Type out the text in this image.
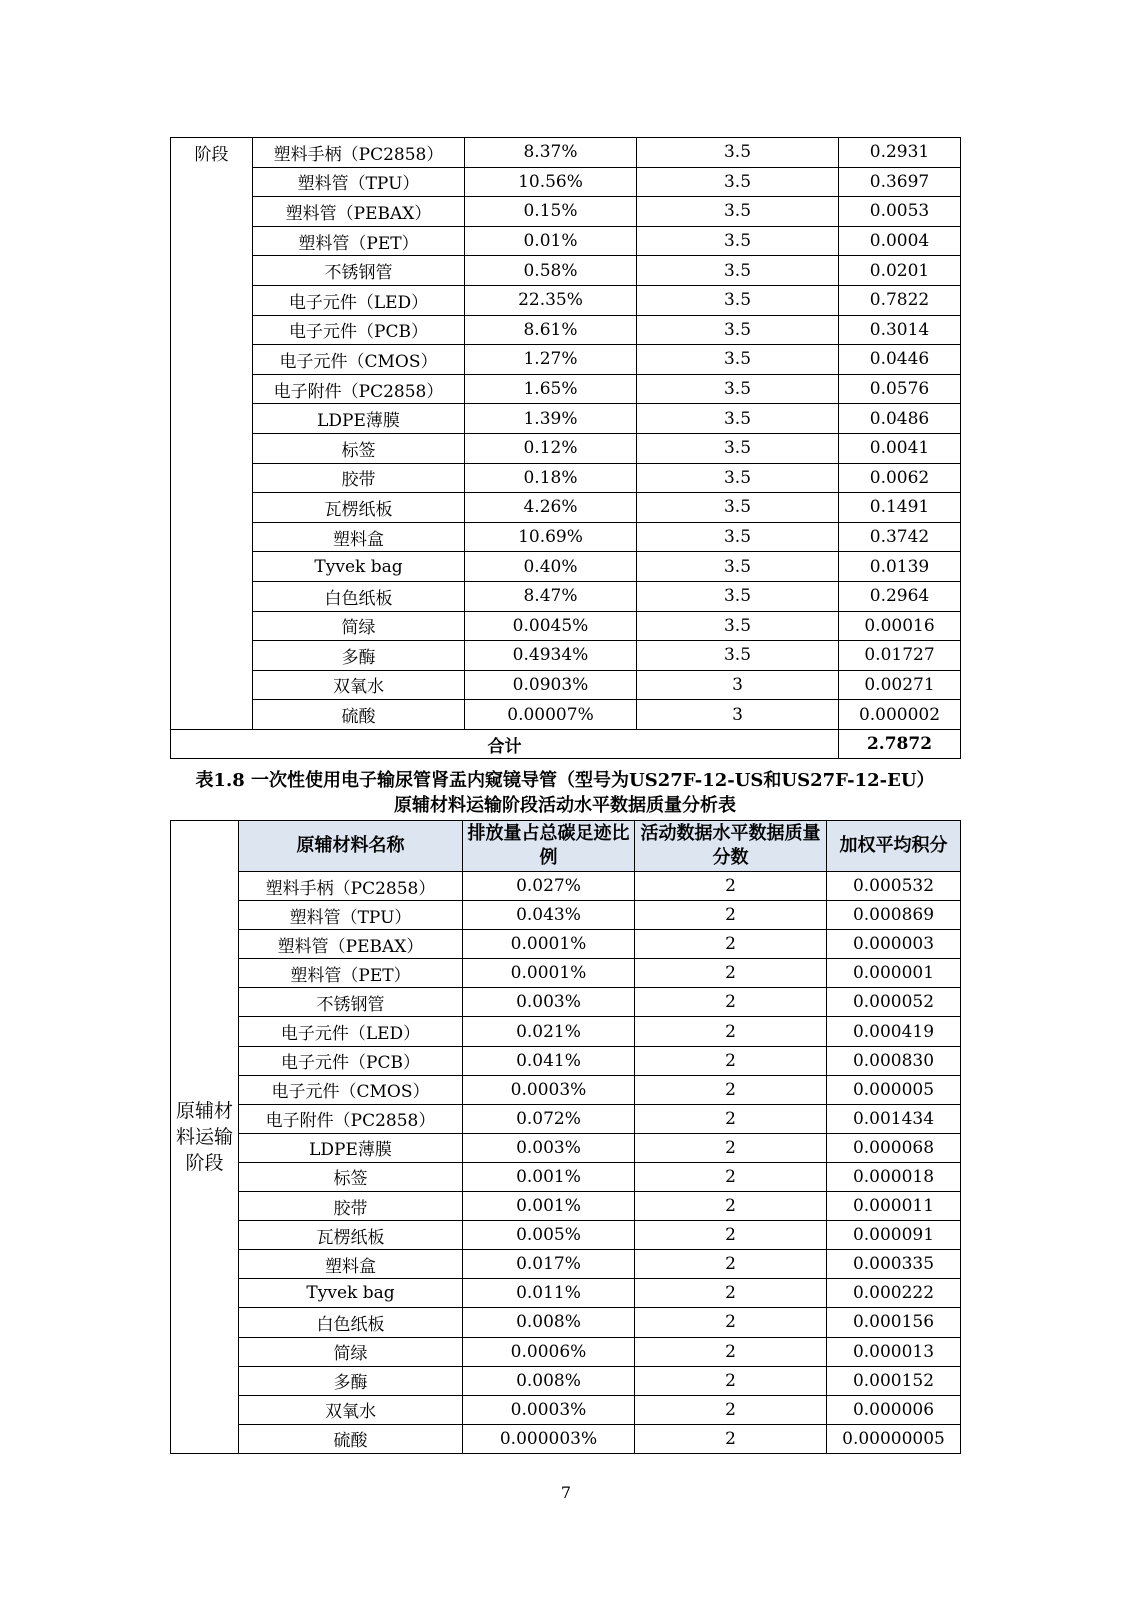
阶段	塑料手柄（PC2858）	8.37%	3.5	0.2931
	塑料管（TPU）	10.56%	3.5	0.3697
	塑料管（PEBAX）	0.15%	3.5	0.0053
	塑料管（PET）	0.01%	3.5	0.0004
	不锈钢管	0.58%	3.5	0.0201
	电子元件（LED）	22.35%	3.5	0.7822
	电子元件（PCB）	8.61%	3.5	0.3014
	电子元件（CMOS）	1.27%	3.5	0.0446
	电子附件（PC2858）	1.65%	3.5	0.0576
	LDPE薄膜	1.39%	3.5	0.0486
	标签	0.12%	3.5	0.0041
	胶带	0.18%	3.5	0.0062
	瓦楞纸板	4.26%	3.5	0.1491
	塑料盒	10.69%	3.5	0.3742
	Tyvek bag	0.40%	3.5	0.0139
	白色纸板	8.47%	3.5	0.2964
	简绿	0.0045%	3.5	0.00016
	多酶	0.4934%	3.5	0.01727
	双氧水	0.0903%	3	0.00271
	硫酸	0.00007%	3	0.000002
合计				2.7872
表1.8 一次性使用电子输尿管肾盂内窥镜导管（型号为US27F-12-US和US27F-12-EU）
原辅材料运输阶段活动水平数据质量分析表
原辅材料运输阶段	原辅材料名称	排放量占总碳足迹比例	活动数据水平数据质量分数	加权平均积分
	塑料手柄（PC2858）	0.027%	2	0.000532
	塑料管（TPU）	0.043%	2	0.000869
	塑料管（PEBAX）	0.0001%	2	0.000003
	塑料管（PET）	0.0001%	2	0.000001
	不锈钢管	0.003%	2	0.000052
	电子元件（LED）	0.021%	2	0.000419
	电子元件（PCB）	0.041%	2	0.000830
	电子元件（CMOS）	0.0003%	2	0.000005
	电子附件（PC2858）	0.072%	2	0.001434
	LDPE薄膜	0.003%	2	0.000068
	标签	0.001%	2	0.000018
	胶带	0.001%	2	0.000011
	瓦楞纸板	0.005%	2	0.000091
	塑料盒	0.017%	2	0.000335
	Tyvek bag	0.011%	2	0.000222
	白色纸板	0.008%	2	0.000156
	简绿	0.0006%	2	0.000013
	多酶	0.008%	2	0.000152
	双氧水	0.0003%	2	0.000006
	硫酸	0.000003%	2	0.00000005
7
